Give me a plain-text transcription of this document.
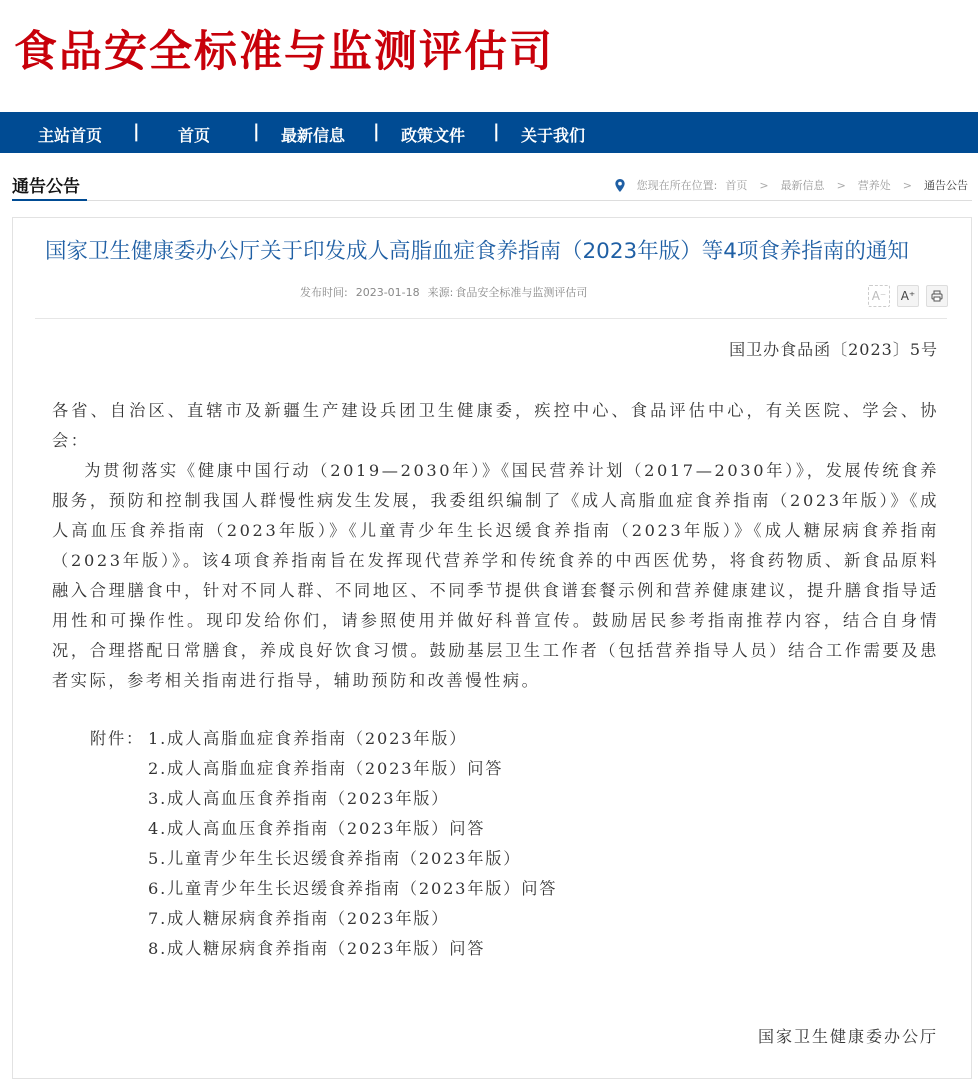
食品安全标准与监测评估司
主站首页 | 首页 | 最新信息 | 政策文件 | 关于我们
通告公告	您现在所在位置: 首页 > 最新信息 > 营养处 > 通告公告
国家卫生健康委办公厅关于印发成人高脂血症食养指南（2023年版）等4项食养指南的通知
发布时间: 2023-01-18 来源: 食品安全标准与监测评估司	A⁻ A⁺
国卫办食品函〔2023〕5号

各省、自治区、直辖市及新疆生产建设兵团卫生健康委，疾控中心、食品评估中心，有关医院、学会、协会：

为贯彻落实《健康中国行动（2019—2030年）》《国民营养计划（2017—2030年）》，发展传统食养服务，预防和控制我国人群慢性病发生发展，我委组织编制了《成人高脂血症食养指南（2023年版）》《成人高血压食养指南（2023年版）》《儿童青少年生长迟缓食养指南（2023年版）》《成人糖尿病食养指南（2023年版）》。该4项食养指南旨在发挥现代营养学和传统食养的中西医优势，将食药物质、新食品原料融入合理膳食中，针对不同人群、不同地区、不同季节提供食谱套餐示例和营养健康建议，提升膳食指导适用性和可操作性。现印发给你们，请参照使用并做好科普宣传。鼓励居民参考指南推荐内容，结合自身情况，合理搭配日常膳食，养成良好饮食习惯。鼓励基层卫生工作者（包括营养指导人员）结合工作需要及患者实际，参考相关指南进行指导，辅助预防和改善慢性病。

附件： 1.成人高脂血症食养指南（2023年版）
2.成人高脂血症食养指南（2023年版）问答
3.成人高血压食养指南（2023年版）
4.成人高血压食养指南（2023年版）问答
5.儿童青少年生长迟缓食养指南（2023年版）
6.儿童青少年生长迟缓食养指南（2023年版）问答
7.成人糖尿病食养指南（2023年版）
8.成人糖尿病食养指南（2023年版）问答
国家卫生健康委办公厅
